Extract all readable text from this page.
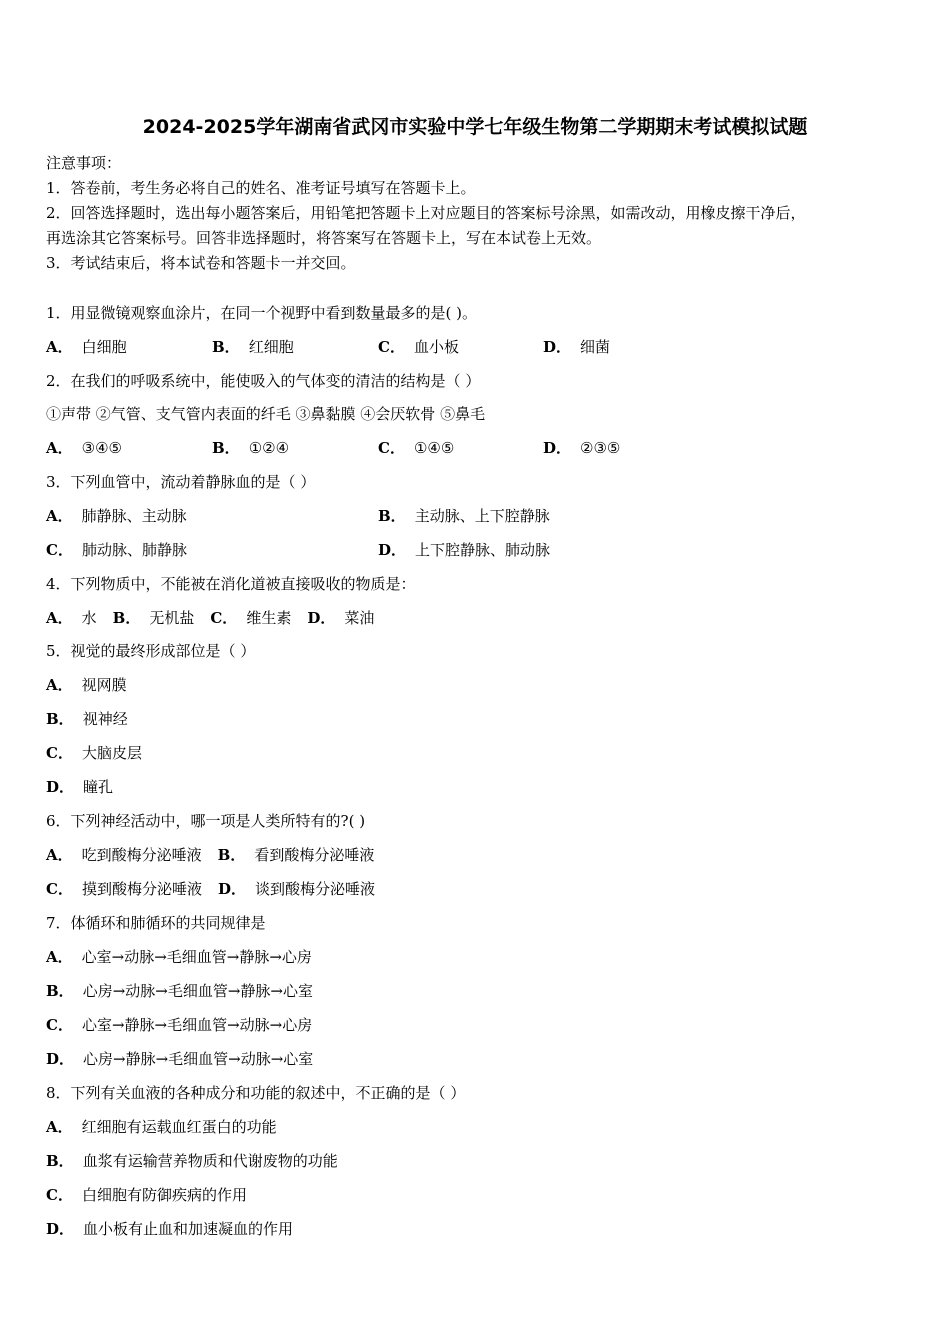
2024-2025学年湖南省武冈市实验中学七年级生物第二学期期末考试模拟试题
注意事项：
1．答卷前，考生务必将自己的姓名、准考证号填写在答题卡上。
2．回答选择题时，选出每小题答案后，用铅笔把答题卡上对应题目的答案标号涂黑，如需改动，用橡皮擦干净后，
再选涂其它答案标号。回答非选择题时，将答案写在答题卡上，写在本试卷上无效。
3．考试结束后，将本试卷和答题卡一并交回。
1．用显微镜观察血涂片，在同一个视野中看到数量最多的是( )。
A． 白细胞	B． 红细胞	C． 血小板	D． 细菌
2．在我们的呼吸系统中，能使吸入的气体变的清洁的结构是（ ）
①声带 ②气管、支气管内表面的纤毛 ③鼻黏膜 ④会厌软骨 ⑤鼻毛
A． ③④⑤	B． ①②④	C． ①④⑤	D． ②③⑤
3．下列血管中，流动着静脉血的是（ ）
A． 肺静脉、主动脉	B． 主动脉、上下腔静脉
C． 肺动脉、肺静脉	D． 上下腔静脉、肺动脉
4．下列物质中，不能被在消化道被直接吸收的物质是：
A． 水 B． 无机盐 C． 维生素 D． 菜油
5．视觉的最终形成部位是（ ）
A． 视网膜
B． 视神经
C． 大脑皮层
D． 瞳孔
6．下列神经活动中，哪一项是人类所特有的?( )
A． 吃到酸梅分泌唾液 B． 看到酸梅分泌唾液
C． 摸到酸梅分泌唾液 D． 谈到酸梅分泌唾液
7．体循环和肺循环的共同规律是
A． 心室→动脉→毛细血管→静脉→心房
B． 心房→动脉→毛细血管→静脉→心室
C． 心室→静脉→毛细血管→动脉→心房
D． 心房→静脉→毛细血管→动脉→心室
8．下列有关血液的各种成分和功能的叙述中，不正确的是（ ）
A． 红细胞有运载血红蛋白的功能
B． 血浆有运输营养物质和代谢废物的功能
C． 白细胞有防御疾病的作用
D． 血小板有止血和加速凝血的作用
